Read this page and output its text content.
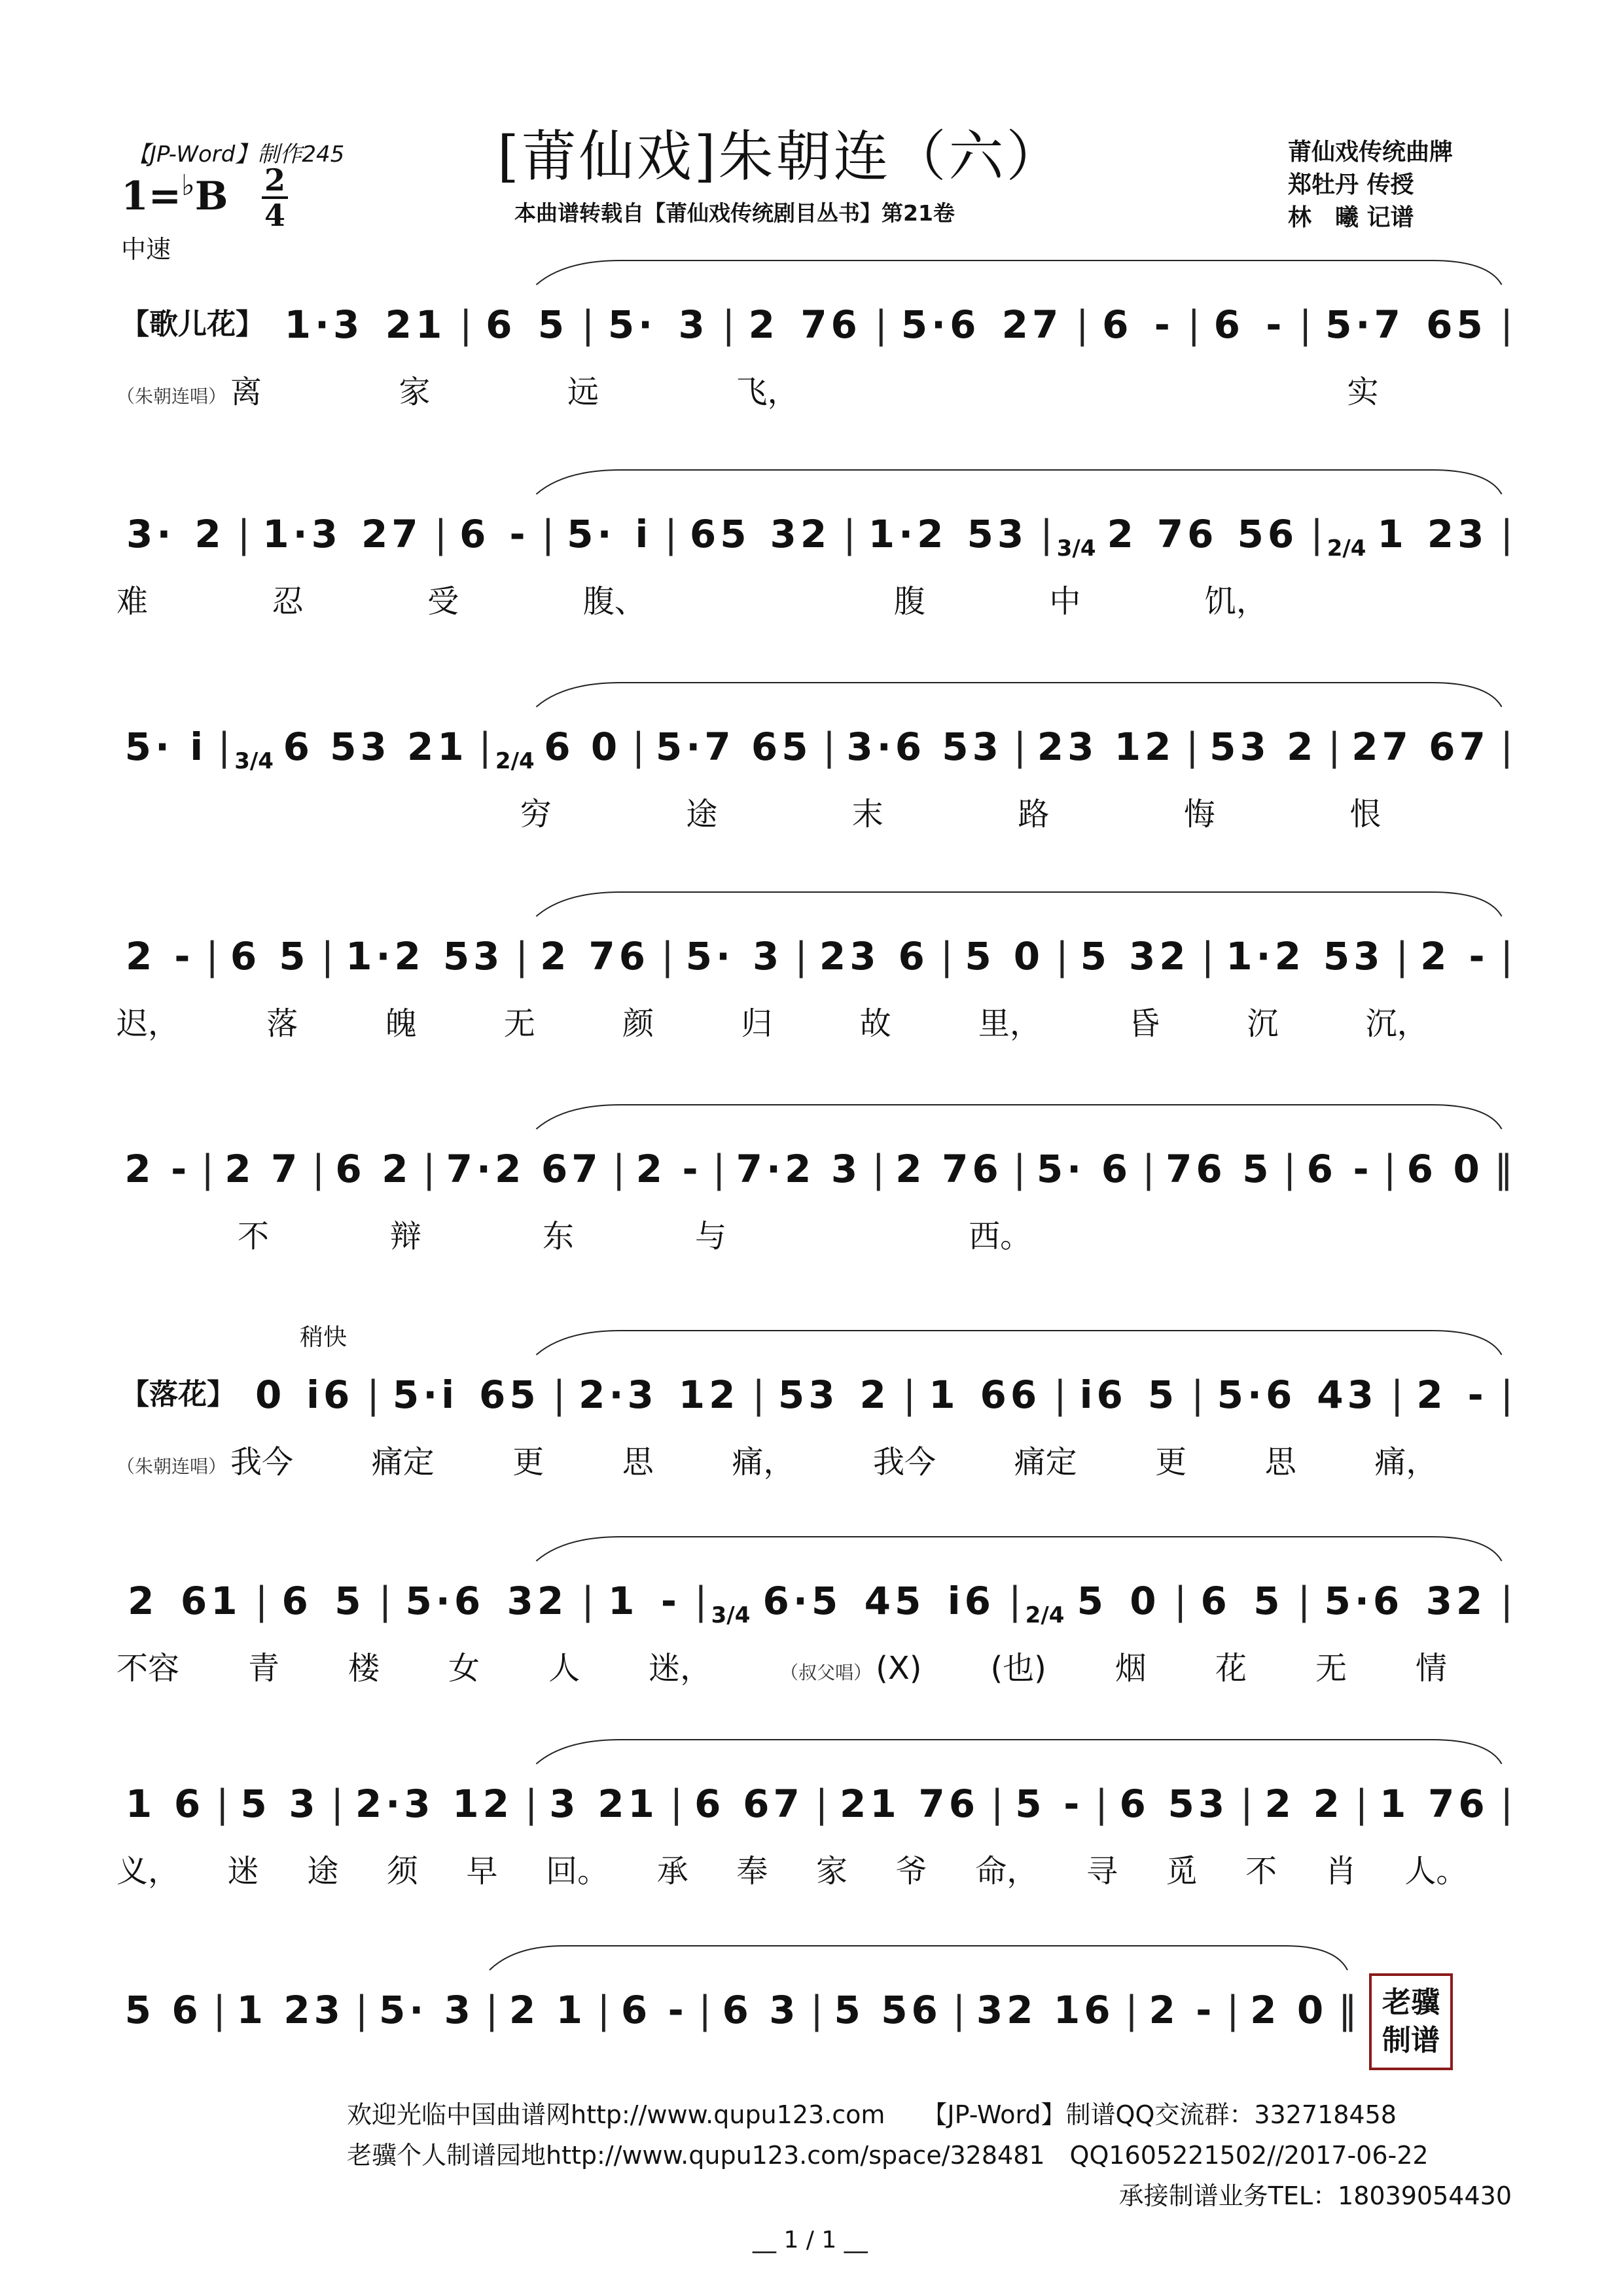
【JP-Word】制作245
1=♭B 2
4
中速
[莆仙戏]朱朝连（六）
本曲谱转载自【莆仙戏传统剧目丛书】第21卷
莆仙戏传统曲牌
郑牡丹 传授
林　曦 记谱
【歌儿花】 1·3 21 | 6 5 | 5· 3 | 2 76 | 5·6 27 | 6 - | 6 - | 5·7 65 |
（朱朝连唱） 离	家	远	飞，	实
3· 2 | 1·3 27 | 6 - | 5· i | 65 32 | 1·2 53 | 3/4 2 76 56 | 2/4 1 23 |
难	忍	受	腹、	腹	中	饥，
5· i | 3/4 6 53 21 | 2/4 6 0 | 5·7 65 | 3·6 53 | 23 12 | 53 2 | 27 67 |
穷	途	末	路	悔	恨
2 - | 6 5 | 1·2 53 | 2 76 | 5· 3 | 23 6 | 5 0 | 5 32 | 1·2 53 | 2 - |
迟，	落	魄	无	颜	归	故	里，	昏	沉	沉，
2 - | 2 7 | 6 2 | 7·2 67 | 2 - | 7·2 3 | 2 76 | 5· 6 | 76 5 | 6 - | 6 0 ‖
不	辩	东	与	西。
稍快
【落花】 0 i6 | 5·i 65 | 2·3 12 | 53 2 | 1 66 | i6 5 | 5·6 43 | 2 - |
（朱朝连唱） 我今	痛定	更	思	痛，	我今	痛定	更	思	痛，
2 61 | 6 5 | 5·6 32 | 1 - | 3/4 6·5 45 i6 | 2/4 5 0 | 6 5 | 5·6 32 |
不容	青	楼	女	人	迷，	（叔父唱） (X)	(也)	烟	花	无	情
1 6 | 5 3 | 2·3 12 | 3 21 | 6 67 | 21 76 | 5 - | 6 53 | 2 2 | 1 76 |
义，	迷	途	须	早	回。	承	奉	家	爷	命，	寻	觅	不	肖	人。
5 6 | 1 23 | 5· 3 | 2 1 | 6 - | 6 3 | 5 56 | 32 16 | 2 - | 2 0 ‖ 老骥
制谱
欢迎光临中国曲谱网http://www.qupu123.com　　【JP-Word】制谱QQ交流群：332718458
老骥个人制谱园地http://www.qupu123.com/space/328481　QQ1605221502//2017-06-22
承接制谱业务TEL：18039054430
__ 1 / 1 __
